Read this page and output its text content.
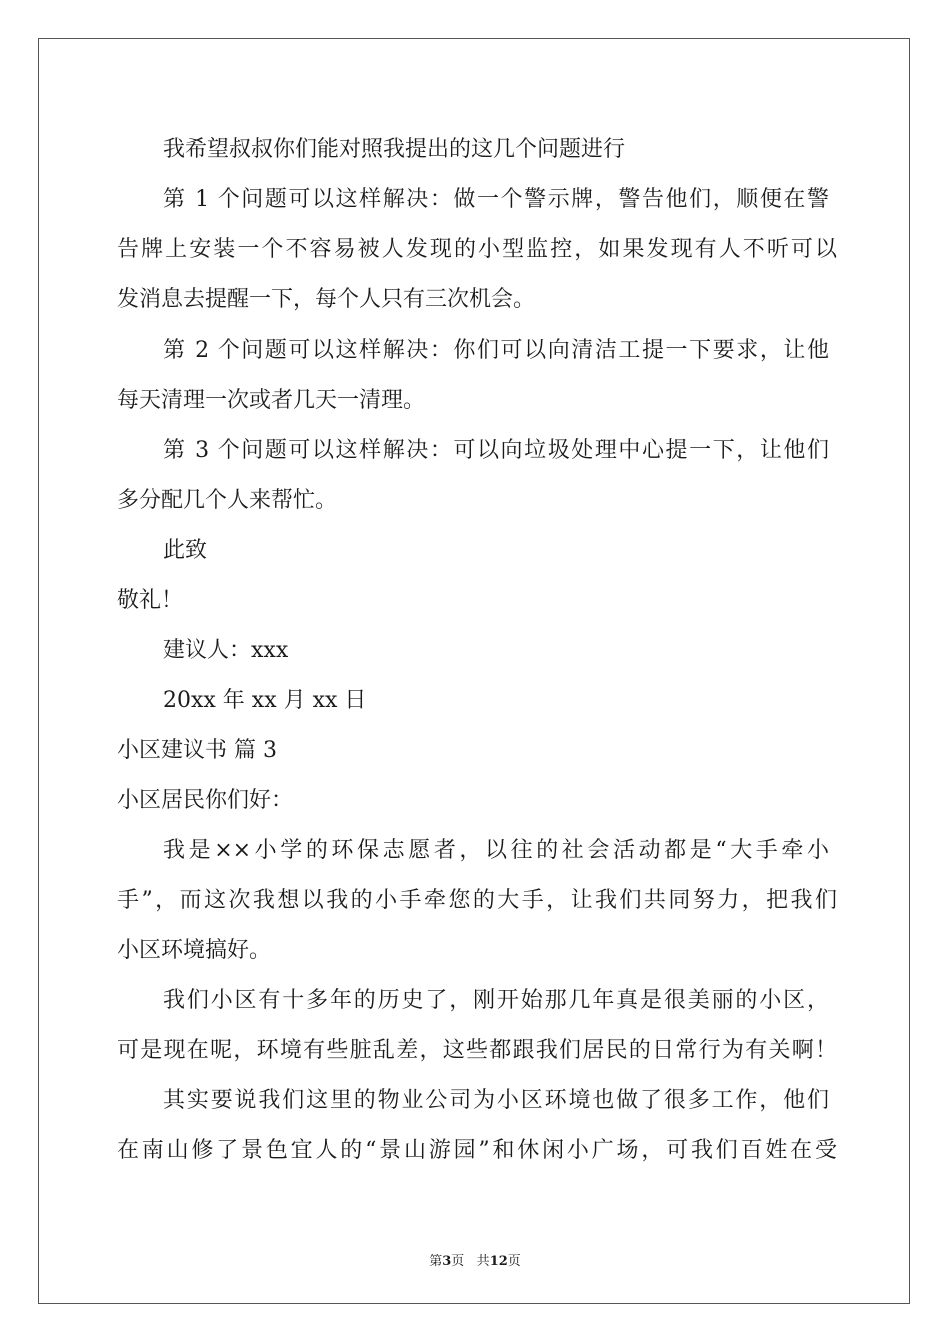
我希望叔叔你们能对照我提出的这几个问题进行
第 1 个问题可以这样解决：做一个警示牌，警告他们，顺便在警
告牌上安装一个不容易被人发现的小型监控，如果发现有人不听可以
发消息去提醒一下，每个人只有三次机会。
第 2 个问题可以这样解决：你们可以向清洁工提一下要求，让他
每天清理一次或者几天一清理。
第 3 个问题可以这样解决：可以向垃圾处理中心提一下，让他们
多分配几个人来帮忙。
此致
敬礼！
建议人：xxx
20xx 年 xx 月 xx 日
小区建议书 篇 3
小区居民你们好：
我是××小学的环保志愿者，以往的社会活动都是“大手牵小
手”，而这次我想以我的小手牵您的大手，让我们共同努力，把我们
小区环境搞好。
我们小区有十多年的历史了，刚开始那几年真是很美丽的小区，
可是现在呢，环境有些脏乱差，这些都跟我们居民的日常行为有关啊！
其实要说我们这里的物业公司为小区环境也做了很多工作，他们
在南山修了景色宜人的“景山游园”和休闲小广场，可我们百姓在受
第3页 共12页
